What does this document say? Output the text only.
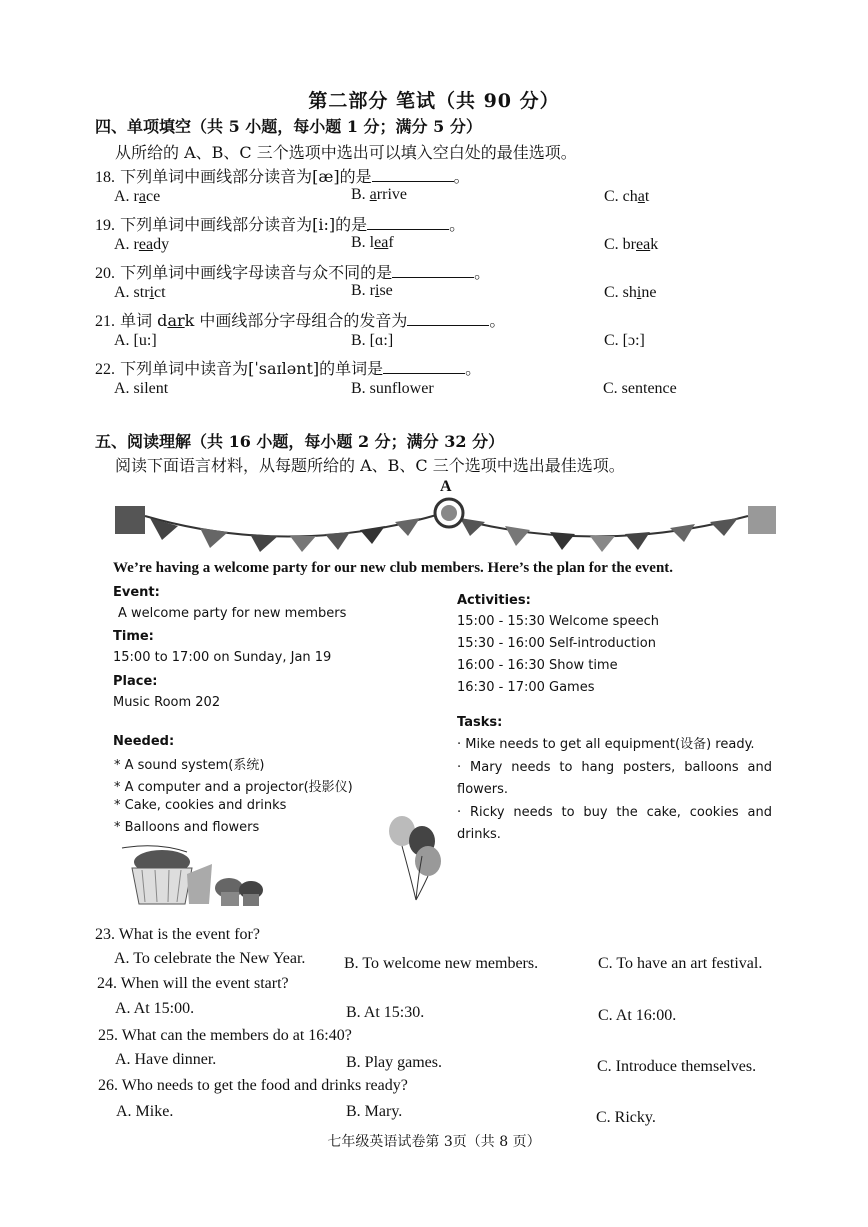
第二部分 笔试（共 90 分）
四、单项填空（共 5 小题，每小题 1 分；满分 5 分）
从所给的 A、B、C 三个选项中选出可以填入空白处的最佳选项。
18. 下列单词中画线部分读音为[æ]的是	。
A. race	B. arrive	C. chat
19. 下列单词中画线部分读音为[i:]的是	。
A. ready	B. leaf	C. break
20. 下列单词中画线字母读音与众不同的是	。
A. strict	B. rise	C. shine
21. 单词 dark 中画线部分字母组合的发音为	。
A. [u:]	B. [ɑ:]	C. [ɔ:]
22. 下列单词中读音为[ˈsaɪlənt]的单词是	。
A. silent	B. sunflower	C. sentence
五、阅读理解（共 16 小题，每小题 2 分；满分 32 分）
阅读下面语言材料，从每题所给的 A、B、C 三个选项中选出最佳选项。
A
We’re having a welcome party for our new club members. Here’s the plan for the event.
Event:
A welcome party for new members
Time:
15:00 to 17:00 on Sunday, Jan 19
Place:
Music Room 202
Needed:
* A sound system(系统)
* A computer and a projector(投影仪)
* Cake, cookies and drinks
* Balloons and flowers
Activities:
15:00 - 15:30 Welcome speech
15:30 - 16:00 Self-introduction
16:00 - 16:30 Show time
16:30 - 17:00 Games
Tasks:
· Mike needs to get all equipment(设备) ready.
· Mary needs to hang posters, balloons and flowers.
· Ricky needs to buy the cake, cookies and drinks.
23. What is the event for?
A. To celebrate the New Year. B. To welcome new members.	C. To have an art festival.
24. When will the event start?
A. At 15:00.	B. At 15:30.	C. At 16:00.
25. What can the members do at 16:40?
A. Have dinner.	B. Play games.	C. Introduce themselves.
26. Who needs to get the food and drinks ready?
A. Mike.	B. Mary.	C. Ricky.
七年级英语试卷第 3页（共 8 页）
